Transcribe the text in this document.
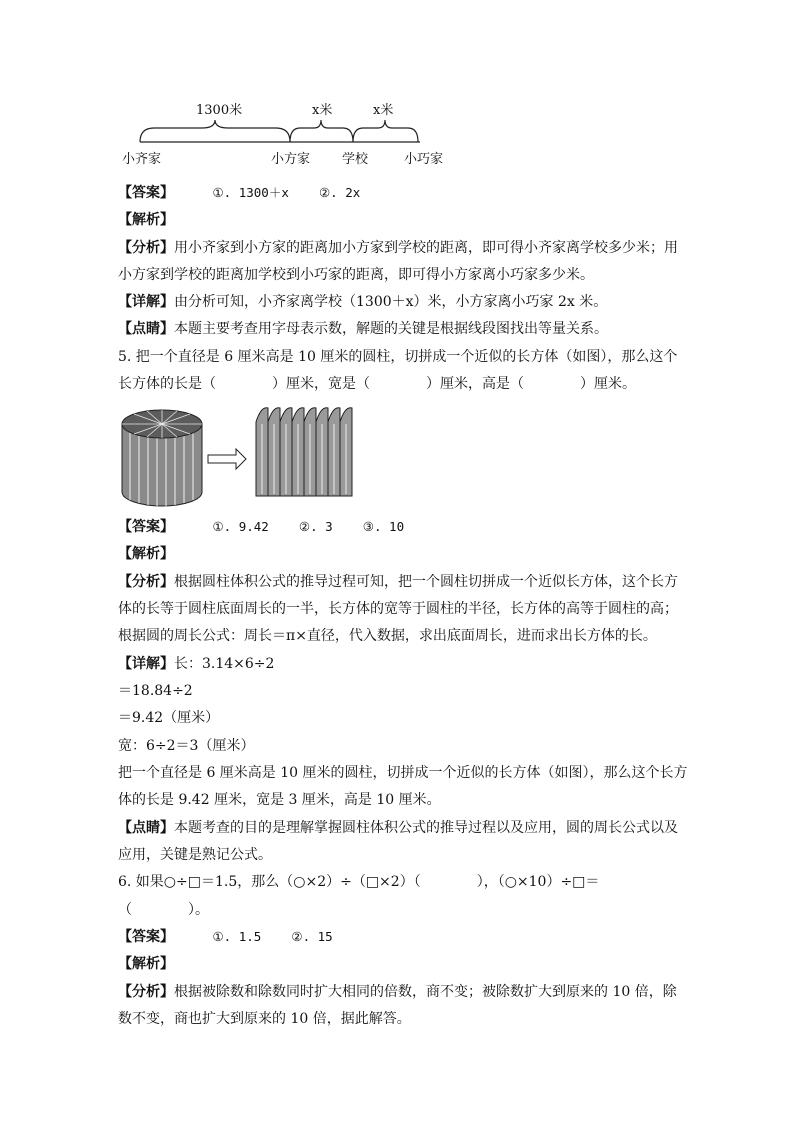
1300米	x米	x米
小齐家	小方家 学校	小巧家
【答案】	①. 1300＋x    ②. 2x
【解析】
【分析】用小齐家到小方家的距离加小方家到学校的距离，即可得小齐家离学校多少米；用
小方家到学校的距离加学校到小巧家的距离，即可得小方家离小巧家多少米。
【详解】由分析可知，小齐家离学校（1300＋x）米，小方家离小巧家 2x 米。
【点睛】本题主要考查用字母表示数，解题的关键是根据线段图找出等量关系。
5. 把一个直径是 6 厘米高是 10 厘米的圆柱，切拼成一个近似的长方体（如图），那么这个
长方体的长是（　　　　）厘米，宽是（　　　　）厘米，高是（　　　　）厘米。
【答案】	①. 9.42    ②. 3    ③. 10
【解析】
【分析】根据圆柱体积公式的推导过程可知，把一个圆柱切拼成一个近似长方体，这个长方
体的长等于圆柱底面周长的一半，长方体的宽等于圆柱的半径，长方体的高等于圆柱的高；
根据圆的周长公式：周长＝π×直径，代入数据，求出底面周长，进而求出长方体的长。
【详解】长：3.14×6÷2
＝18.84÷2
＝9.42（厘米）
宽：6÷2＝3（厘米）
把一个直径是 6 厘米高是 10 厘米的圆柱，切拼成一个近似的长方体（如图），那么这个长方
体的长是 9.42 厘米，宽是 3 厘米，高是 10 厘米。
【点睛】本题考查的目的是理解掌握圆柱体积公式的推导过程以及应用，圆的周长公式以及
应用，关键是熟记公式。
6. 如果○÷□＝1.5，那么（○×2）÷（□×2）（　　　　），（○×10）÷□＝
（　　　　）。
【答案】	①. 1.5    ②. 15
【解析】
【分析】根据被除数和除数同时扩大相同的倍数，商不变；被除数扩大到原来的 10 倍，除
数不变，商也扩大到原来的 10 倍，据此解答。
